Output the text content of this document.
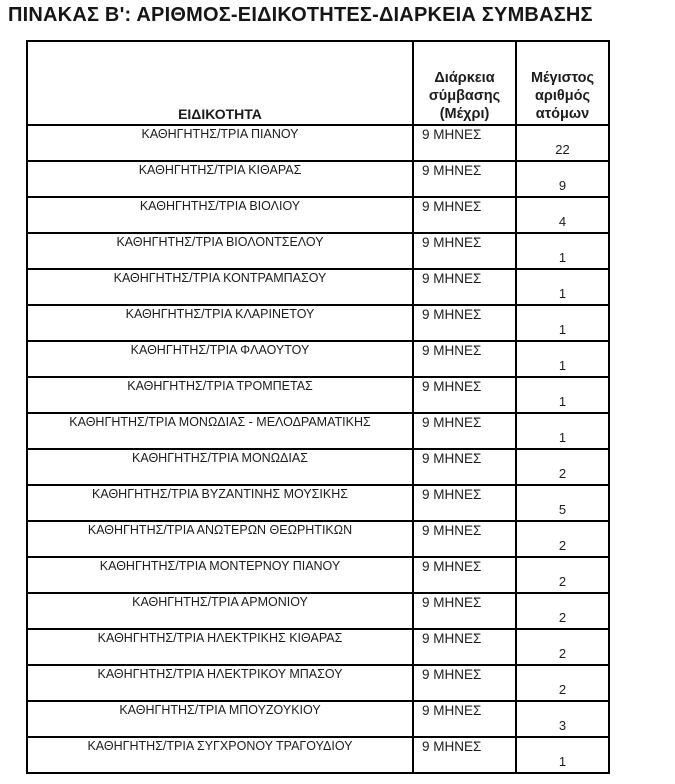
ΠΙΝΑΚΑΣ Β': ΑΡΙΘΜΟΣ-ΕΙΔΙΚΟΤΗΤΕΣ-ΔΙΑΡΚΕΙΑ ΣΥΜΒΑΣΗΣ
ΕΙΔΙΚΟΤΗΤΑ	Διάρκεια σύμβασης (Μέχρι)	Μέγιστος αριθμός ατόμων
ΚΑΘΗΓΗΤΗΣ/ΤΡΙΑ ΠΙΑΝΟΥ	9 ΜΗΝΕΣ	22
ΚΑΘΗΓΗΤΗΣ/ΤΡΙΑ ΚΙΘΑΡΑΣ	9 ΜΗΝΕΣ	9
ΚΑΘΗΓΗΤΗΣ/ΤΡΙΑ ΒΙΟΛΙΟΥ	9 ΜΗΝΕΣ	4
ΚΑΘΗΓΗΤΗΣ/ΤΡΙΑ ΒΙΟΛΟΝΤΣΕΛΟΥ	9 ΜΗΝΕΣ	1
ΚΑΘΗΓΗΤΗΣ/ΤΡΙΑ ΚΟΝΤΡΑΜΠΑΣΟΥ	9 ΜΗΝΕΣ	1
ΚΑΘΗΓΗΤΗΣ/ΤΡΙΑ ΚΛΑΡΙΝΕΤΟΥ	9 ΜΗΝΕΣ	1
ΚΑΘΗΓΗΤΗΣ/ΤΡΙΑ ΦΛΑΟΥΤΟΥ	9 ΜΗΝΕΣ	1
ΚΑΘΗΓΗΤΗΣ/ΤΡΙΑ ΤΡΟΜΠΕΤΑΣ	9 ΜΗΝΕΣ	1
ΚΑΘΗΓΗΤΗΣ/ΤΡΙΑ ΜΟΝΩΔΙΑΣ - ΜΕΛΟΔΡΑΜΑΤΙΚΗΣ	9 ΜΗΝΕΣ	1
ΚΑΘΗΓΗΤΗΣ/ΤΡΙΑ ΜΟΝΩΔΙΑΣ	9 ΜΗΝΕΣ	2
ΚΑΘΗΓΗΤΗΣ/ΤΡΙΑ ΒΥΖΑΝΤΙΝΗΣ ΜΟΥΣΙΚΗΣ	9 ΜΗΝΕΣ	5
ΚΑΘΗΓΗΤΗΣ/ΤΡΙΑ ΑΝΩΤΕΡΩΝ ΘΕΩΡΗΤΙΚΩΝ	9 ΜΗΝΕΣ	2
ΚΑΘΗΓΗΤΗΣ/ΤΡΙΑ ΜΟΝΤΕΡΝΟΥ ΠΙΑΝΟΥ	9 ΜΗΝΕΣ	2
ΚΑΘΗΓΗΤΗΣ/ΤΡΙΑ ΑΡΜΟΝΙΟΥ	9 ΜΗΝΕΣ	2
ΚΑΘΗΓΗΤΗΣ/ΤΡΙΑ ΗΛΕΚΤΡΙΚΗΣ ΚΙΘΑΡΑΣ	9 ΜΗΝΕΣ	2
ΚΑΘΗΓΗΤΗΣ/ΤΡΙΑ ΗΛΕΚΤΡΙΚΟΥ ΜΠΑΣΟΥ	9 ΜΗΝΕΣ	2
ΚΑΘΗΓΗΤΗΣ/ΤΡΙΑ ΜΠΟΥΖΟΥΚΙΟΥ	9 ΜΗΝΕΣ	3
ΚΑΘΗΓΗΤΗΣ/ΤΡΙΑ ΣΥΓΧΡΟΝΟΥ ΤΡΑΓΟΥΔΙΟΥ	9 ΜΗΝΕΣ	1
